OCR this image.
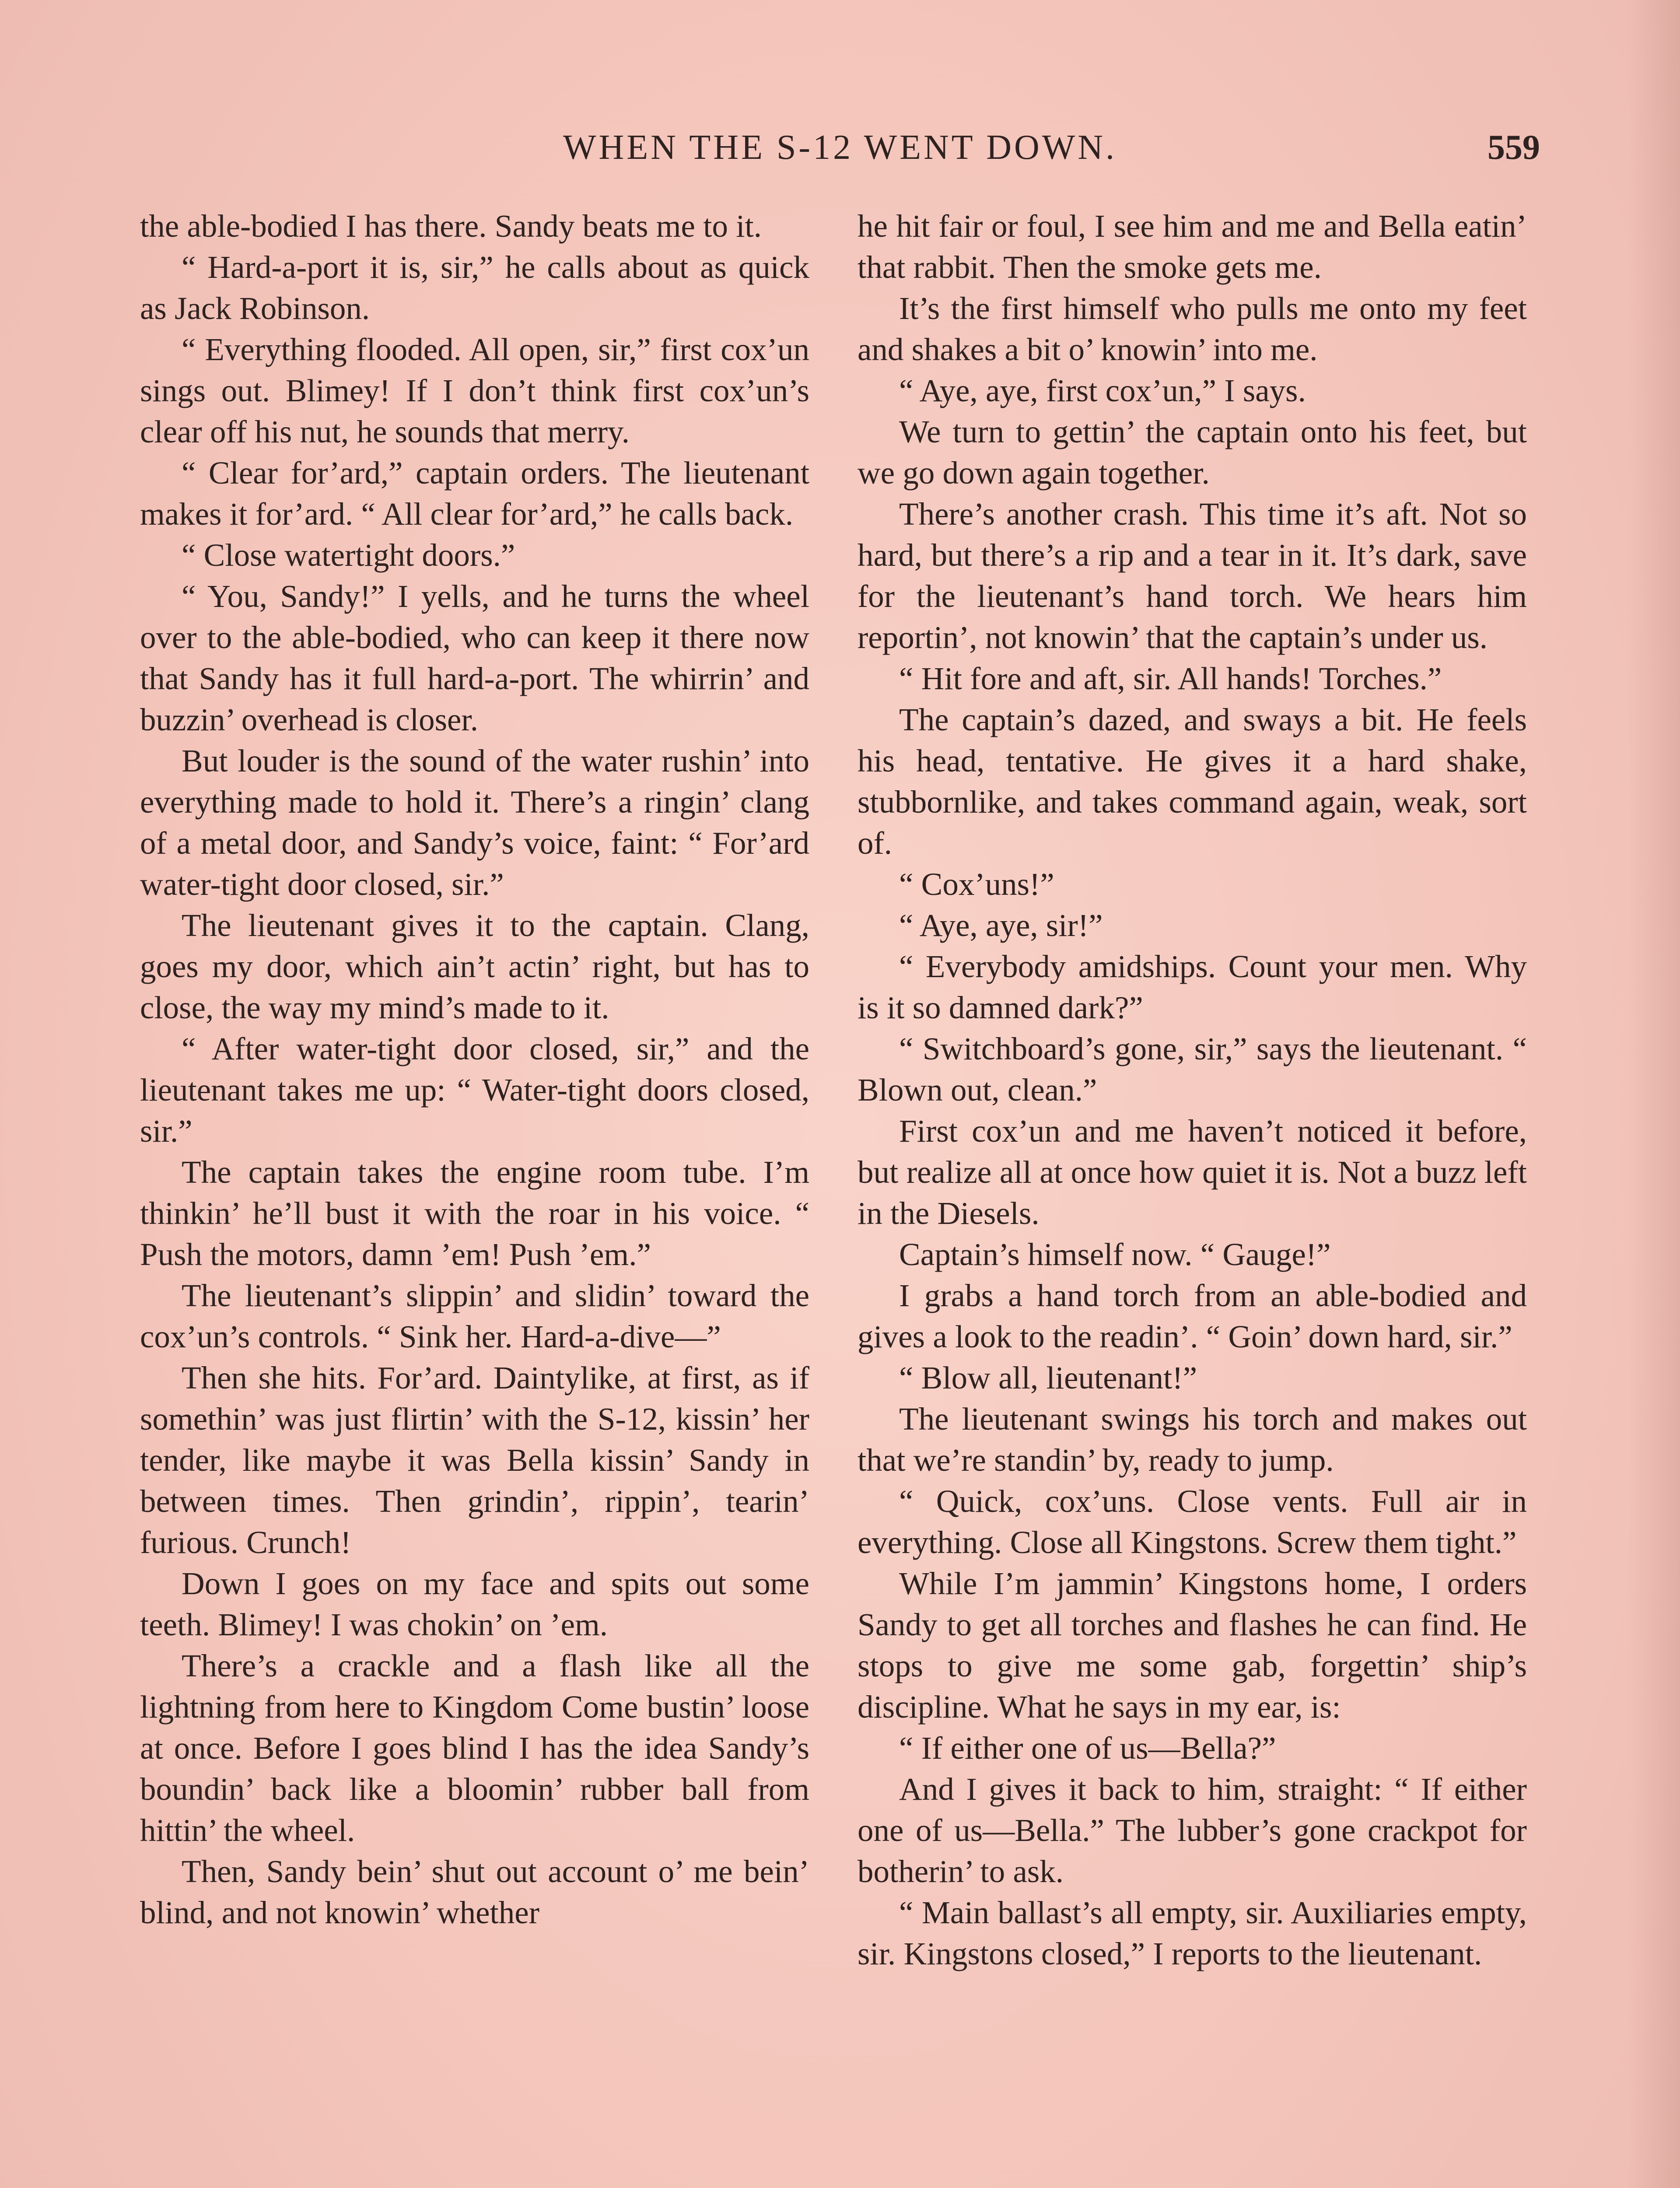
WHEN THE S-12 WENT DOWN.	559

the able-bodied I has there. Sandy beats me to it.

“ Hard-a-port it is, sir,” he calls about as quick as Jack Robinson.

“ Everything flooded. All open, sir,” first cox’un sings out. Blimey! If I don’t think first cox’un’s clear off his nut, he sounds that merry.

“ Clear for’ard,” captain orders. The lieutenant makes it for’ard. “ All clear for’ard,” he calls back.

“ Close watertight doors.”

“ You, Sandy!” I yells, and he turns the wheel over to the able-bodied, who can keep it there now that Sandy has it full hard-a-port. The whirrin’ and buzzin’ overhead is closer.

But louder is the sound of the water rushin’ into everything made to hold it. There’s a ringin’ clang of a metal door, and Sandy’s voice, faint: “ For’ard water-tight door closed, sir.”

The lieutenant gives it to the captain. Clang, goes my door, which ain’t actin’ right, but has to close, the way my mind’s made to it.

“ After water-tight door closed, sir,” and the lieutenant takes me up: “ Water-tight doors closed, sir.”

The captain takes the engine room tube. I’m thinkin’ he’ll bust it with the roar in his voice. “ Push the motors, damn ’em! Push ’em.”

The lieutenant’s slippin’ and slidin’ toward the cox’un’s controls. “ Sink her. Hard-a-dive—”

Then she hits. For’ard. Daintylike, at first, as if somethin’ was just flirtin’ with the S-12, kissin’ her tender, like maybe it was Bella kissin’ Sandy in between times. Then grindin’, rippin’, tearin’ furious. Crunch!

Down I goes on my face and spits out some teeth. Blimey! I was chokin’ on ’em.

There’s a crackle and a flash like all the lightning from here to Kingdom Come bustin’ loose at once. Before I goes blind I has the idea Sandy’s boundin’ back like a bloomin’ rubber ball from hittin’ the wheel.

Then, Sandy bein’ shut out account o’ me bein’ blind, and not knowin’ whether

he hit fair or foul, I see him and me and Bella eatin’ that rabbit. Then the smoke gets me.

It’s the first himself who pulls me onto my feet and shakes a bit o’ knowin’ into me.

“ Aye, aye, first cox’un,” I says.

We turn to gettin’ the captain onto his feet, but we go down again together.

There’s another crash. This time it’s aft. Not so hard, but there’s a rip and a tear in it. It’s dark, save for the lieutenant’s hand torch. We hears him reportin’, not knowin’ that the captain’s under us.

“ Hit fore and aft, sir. All hands! Torches.”

The captain’s dazed, and sways a bit. He feels his head, tentative. He gives it a hard shake, stubbornlike, and takes command again, weak, sort of.

“ Cox’uns!”

“ Aye, aye, sir!”

“ Everybody amidships. Count your men. Why is it so damned dark?”

“ Switchboard’s gone, sir,” says the lieutenant. “ Blown out, clean.”

First cox’un and me haven’t noticed it before, but realize all at once how quiet it is. Not a buzz left in the Diesels.

Captain’s himself now. “ Gauge!”

I grabs a hand torch from an able-bodied and gives a look to the readin’. “ Goin’ down hard, sir.”

“ Blow all, lieutenant!”

The lieutenant swings his torch and makes out that we’re standin’ by, ready to jump.

“ Quick, cox’uns. Close vents. Full air in everything. Close all Kingstons. Screw them tight.”

While I’m jammin’ Kingstons home, I orders Sandy to get all torches and flashes he can find. He stops to give me some gab, forgettin’ ship’s discipline. What he says in my ear, is:

“ If either one of us—Bella?”

And I gives it back to him, straight: “ If either one of us—Bella.” The lubber’s gone crackpot for botherin’ to ask.

“ Main ballast’s all empty, sir. Auxiliaries empty, sir. Kingstons closed,” I reports to the lieutenant.
